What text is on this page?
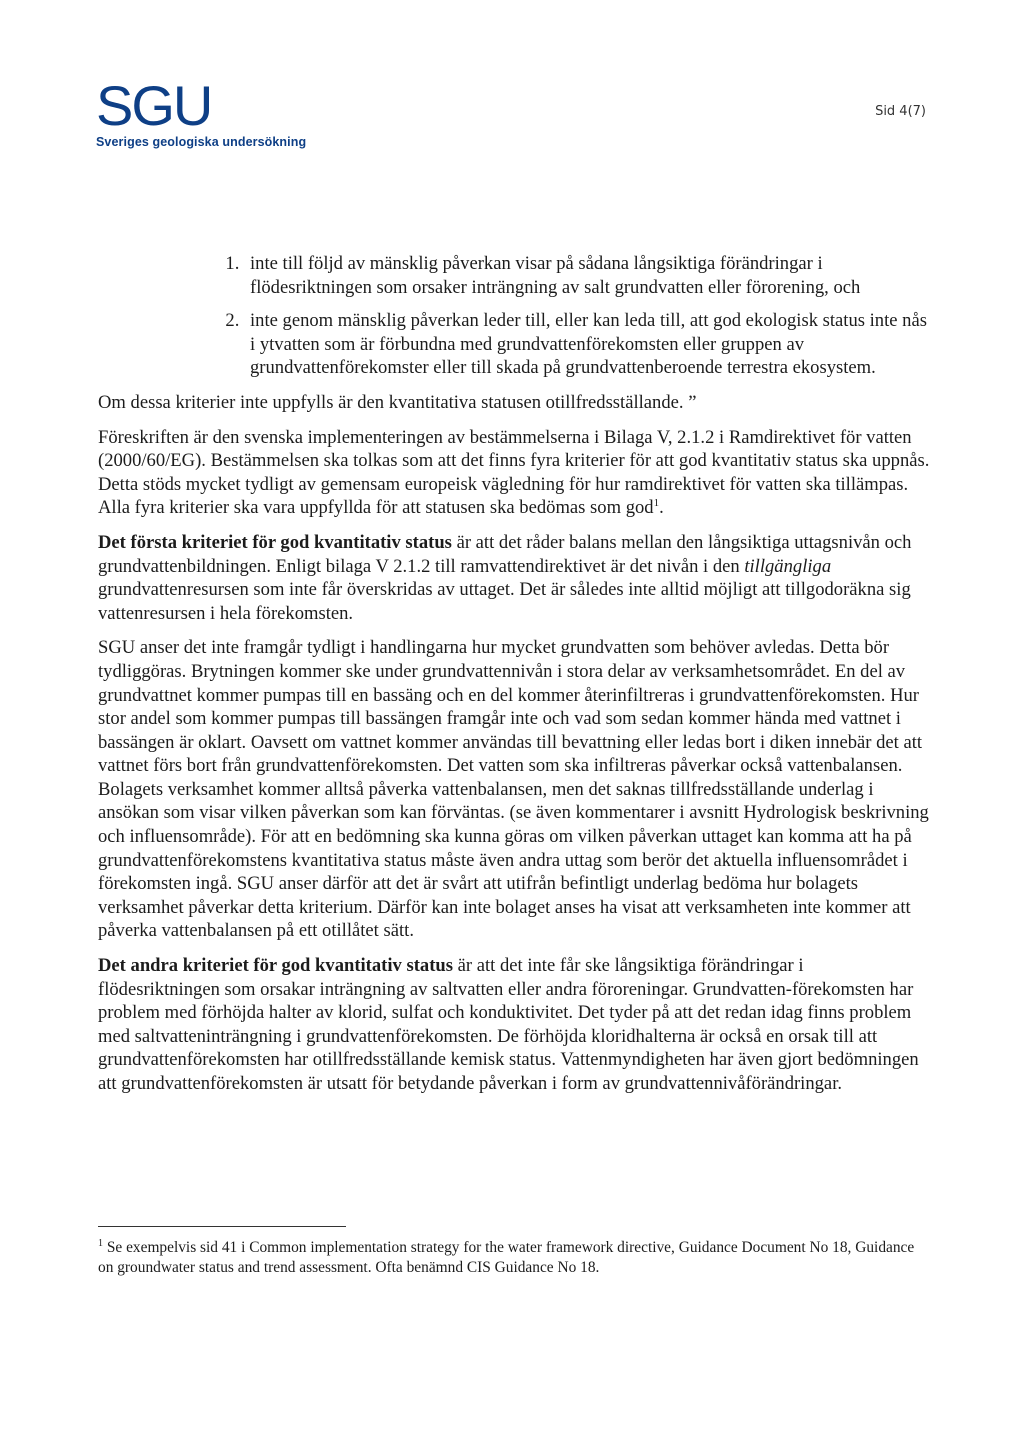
SGU
Sveriges geologiska undersökning
Sid 4(7)
1. inte till följd av mänsklig påverkan visar på sådana långsiktiga förändringar i flödesriktningen som orsaker inträngning av salt grundvatten eller förorening, och
2. inte genom mänsklig påverkan leder till, eller kan leda till, att god ekologisk status inte nås i ytvatten som är förbundna med grundvattenförekomsten eller gruppen av grundvattenförekomster eller till skada på grundvattenberoende terrestra ekosystem.

Om dessa kriterier inte uppfylls är den kvantitativa statusen otillfredsställande. ”

Föreskriften är den svenska implementeringen av bestämmelserna i Bilaga V, 2.1.2 i Ramdirektivet för vatten (2000/60/EG). Bestämmelsen ska tolkas som att det finns fyra kriterier för att god kvantitativ status ska uppnås. Detta stöds mycket tydligt av gemensam europeisk vägledning för hur ramdirektivet för vatten ska tillämpas. Alla fyra kriterier ska vara uppfyllda för att statusen ska bedömas som god$^1$.

Det första kriteriet för god kvantitativ status är att det råder balans mellan den långsiktiga uttagsnivån och grundvattenbildningen. Enligt bilaga V 2.1.2 till ramvattendirektivet är det nivån i den tillgängliga grundvattenresursen som inte får överskridas av uttaget. Det är således inte alltid möjligt att tillgodoräkna sig vattenresursen i hela förekomsten.

SGU anser det inte framgår tydligt i handlingarna hur mycket grundvatten som behöver avledas. Detta bör tydliggöras. Brytningen kommer ske under grundvattennivån i stora delar av verksamhetsområdet. En del av grundvattnet kommer pumpas till en bassäng och en del kommer återinfiltreras i grundvattenförekomsten. Hur stor andel som kommer pumpas till bassängen framgår inte och vad som sedan kommer hända med vattnet i bassängen är oklart. Oavsett om vattnet kommer användas till bevattning eller ledas bort i diken innebär det att vattnet förs bort från grundvattenförekomsten. Det vatten som ska infiltreras påverkar också vattenbalansen. Bolagets verksamhet kommer alltså påverka vattenbalansen, men det saknas tillfredsställande underlag i ansökan som visar vilken påverkan som kan förväntas. (se även kommentarer i avsnitt Hydrologisk beskrivning och influensområde). För att en bedömning ska kunna göras om vilken påverkan uttaget kan komma att ha på grundvattenförekomstens kvantitativa status måste även andra uttag som berör det aktuella influensområdet i förekomsten ingå. SGU anser därför att det är svårt att utifrån befintligt underlag bedöma hur bolagets verksamhet påverkar detta kriterium. Därför kan inte bolaget anses ha visat att verksamheten inte kommer att påverka vattenbalansen på ett otillåtet sätt.

Det andra kriteriet för god kvantitativ status är att det inte får ske långsiktiga förändringar i flödesriktningen som orsakar inträngning av saltvatten eller andra föroreningar. Grundvatten-förekomsten har problem med förhöjda halter av klorid, sulfat och konduktivitet. Det tyder på att det redan idag finns problem med saltvatteninträngning i grundvattenförekomsten. De förhöjda kloridhalterna är också en orsak till att grundvattenförekomsten har otillfredsställande kemisk status. Vattenmyndigheten har även gjort bedömningen att grundvattenförekomsten är utsatt för betydande påverkan i form av grundvattennivåförändringar.

$^1$ Se exempelvis sid 41 i Common implementation strategy for the water framework directive, Guidance Document No 18, Guidance on groundwater status and trend assessment. Ofta benämnd CIS Guidance No 18.
